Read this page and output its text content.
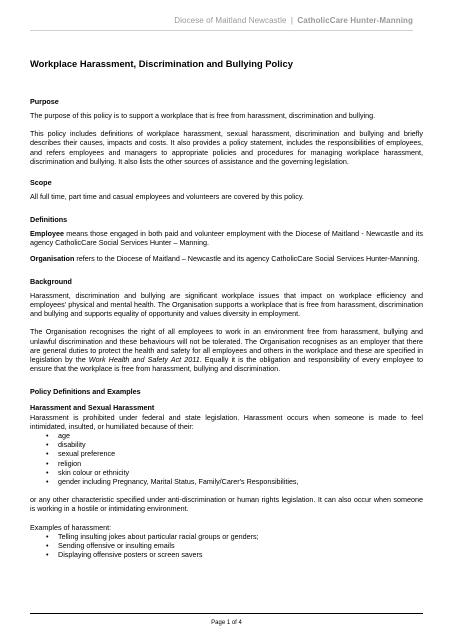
Diocese of Maitland Newcastle | CatholicCare Hunter-Manning
Workplace Harassment, Discrimination and Bullying Policy
Purpose

The purpose of this policy is to support a workplace that is free from harassment, discrimination and bullying.

This policy includes definitions of workplace harassment, sexual harassment, discrimination and bullying and briefly describes their causes, impacts and costs. It also provides a policy statement, includes the responsibilities of employees, and refers employees and managers to appropriate policies and procedures for managing workplace harassment, discrimination and bullying. It also lists the other sources of assistance and the governing legislation.

Scope

All full time, part time and casual employees and volunteers are covered by this policy.

Definitions

Employee means those engaged in both paid and volunteer employment with the Diocese of Maitland - Newcastle and its agency CatholicCare Social Services Hunter – Manning.

Organisation refers to the Diocese of Maitland – Newcastle and its agency CatholicCare Social Services Hunter-Manning.

Background

Harassment, discrimination and bullying are significant workplace issues that impact on workplace efficiency and employees' physical and mental health. The Organisation supports a workplace that is free from harassment, discrimination and bullying and supports equality of opportunity and values diversity in employment.

The Organisation recognises the right of all employees to work in an environment free from harassment, bullying and unlawful discrimination and these behaviours will not be tolerated. The Organisation recognises as an employer that there are general duties to protect the health and safety for all employees and others in the workplace and these are specified in legislation by the Work Health and Safety Act 2011. Equally it is the obligation and responsibility of every employee to ensure that the workplace is free from harassment, bullying and discrimination.

Policy Definitions and Examples
Harassment and Sexual Harassment

Harassment is prohibited under federal and state legislation. Harassment occurs when someone is made to feel intimidated, insulted, or humiliated because of their:

• age
• disability
• sexual preference
• religion
• skin colour or ethnicity
• gender including Pregnancy, Marital Status, Family/Carer's Responsibilities,

or any other characteristic specified under anti-discrimination or human rights legislation. It can also occur when someone is working in a hostile or intimidating environment.

Examples of harassment:

• Telling insulting jokes about particular racial groups or genders;
• Sending offensive or insulting emails
• Displaying offensive posters or screen savers
Page 1 of 4
